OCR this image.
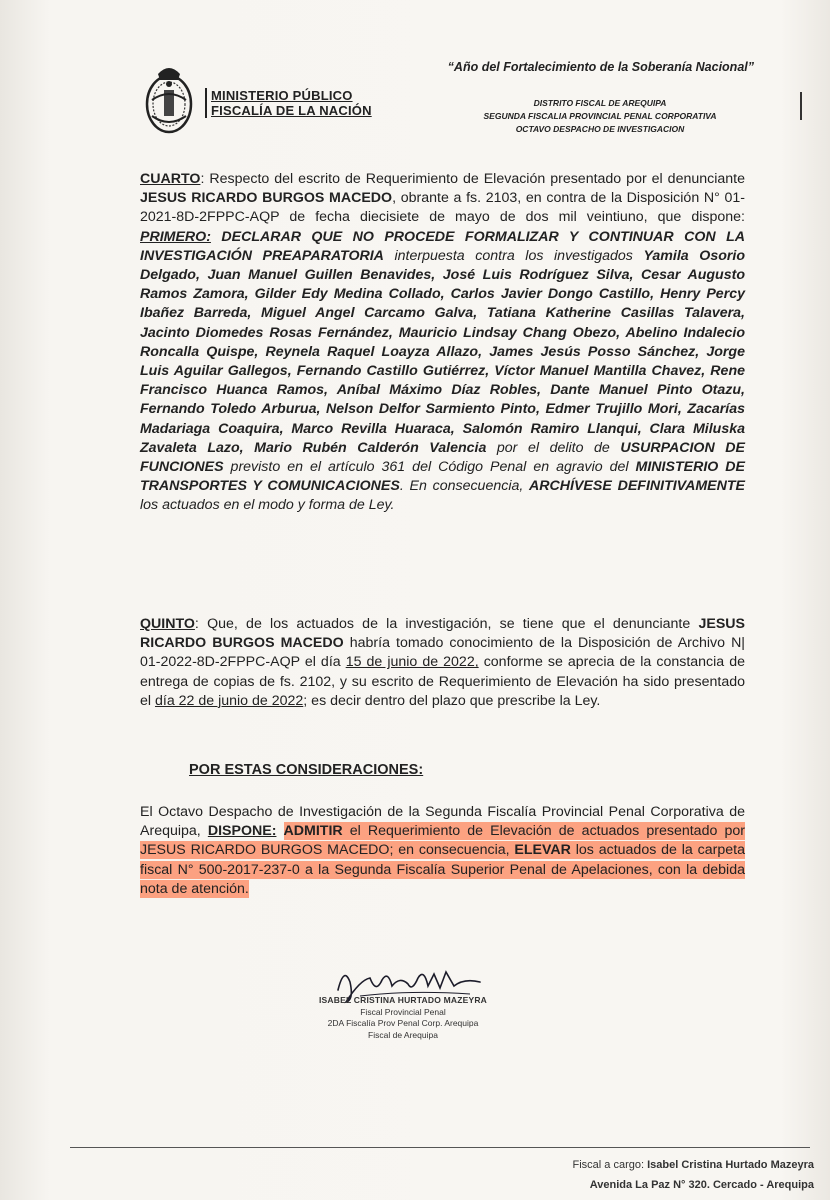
MINISTERIO PÚBLICO
FISCALÍA DE LA NACIÓN
“Año del Fortalecimiento de la Soberanía Nacional”
DISTRITO FISCAL DE AREQUIPA
SEGUNDA FISCALIA PROVINCIAL PENAL CORPORATIVA
OCTAVO DESPACHO DE INVESTIGACION
CUARTO: Respecto del escrito de Requerimiento de Elevación presentado por el denunciante JESUS RICARDO BURGOS MACEDO, obrante a fs. 2103, en contra de la Disposición N° 01-2021-8D-2FPPC-AQP de fecha diecisiete de mayo de dos mil veintiuno, que dispone: PRIMERO: DECLARAR QUE NO PROCEDE FORMALIZAR Y CONTINUAR CON LA INVESTIGACIÓN PREAPARATORIA interpuesta contra los investigados Yamila Osorio Delgado, Juan Manuel Guillen Benavides, José Luis Rodríguez Silva, Cesar Augusto Ramos Zamora, Gilder Edy Medina Collado, Carlos Javier Dongo Castillo, Henry Percy Ibañez Barreda, Miguel Angel Carcamo Galva, Tatiana Katherine Casillas Talavera, Jacinto Diomedes Rosas Fernández, Mauricio Lindsay Chang Obezo, Abelino Indalecio Roncalla Quispe, Reynela Raquel Loayza Allazo, James Jesús Posso Sánchez, Jorge Luis Aguilar Gallegos, Fernando Castillo Gutiérrez, Víctor Manuel Mantilla Chavez, Rene Francisco Huanca Ramos, Aníbal Máximo Díaz Robles, Dante Manuel Pinto Otazu, Fernando Toledo Arburua, Nelson Delfor Sarmiento Pinto, Edmer Trujillo Mori, Zacarías Madariaga Coaquira, Marco Revilla Huaraca, Salomón Ramiro Llanqui, Clara Miluska Zavaleta Lazo, Mario Rubén Calderón Valencia por el delito de USURPACION DE FUNCIONES previsto en el artículo 361 del Código Penal en agravio del MINISTERIO DE TRANSPORTES Y COMUNICACIONES. En consecuencia, ARCHÍVESE DEFINITIVAMENTE los actuados en el modo y forma de Ley.
QUINTO: Que, de los actuados de la investigación, se tiene que el denunciante JESUS RICARDO BURGOS MACEDO habría tomado conocimiento de la Disposición de Archivo N| 01-2022-8D-2FPPC-AQP el día 15 de junio de 2022, conforme se aprecia de la constancia de entrega de copias de fs. 2102, y su escrito de Requerimiento de Elevación ha sido presentado el día 22 de junio de 2022; es decir dentro del plazo que prescribe la Ley.
POR ESTAS CONSIDERACIONES:
El Octavo Despacho de Investigación de la Segunda Fiscalía Provincial Penal Corporativa de Arequipa, DISPONE: ADMITIR el Requerimiento de Elevación de actuados presentado por JESUS RICARDO BURGOS MACEDO; en consecuencia, ELEVAR los actuados de la carpeta fiscal N° 500-2017-237-0 a la Segunda Fiscalía Superior Penal de Apelaciones, con la debida nota de atención.
ISABEL CRISTINA HURTADO MAZEYRA
Fiscal Provincial Penal
2DA Fiscalía Prov Penal Corp. Arequipa
Fiscal de Arequipa
Fiscal a cargo: Isabel Cristina Hurtado Mazeyra
Avenida La Paz N° 320. Cercado - Arequipa
